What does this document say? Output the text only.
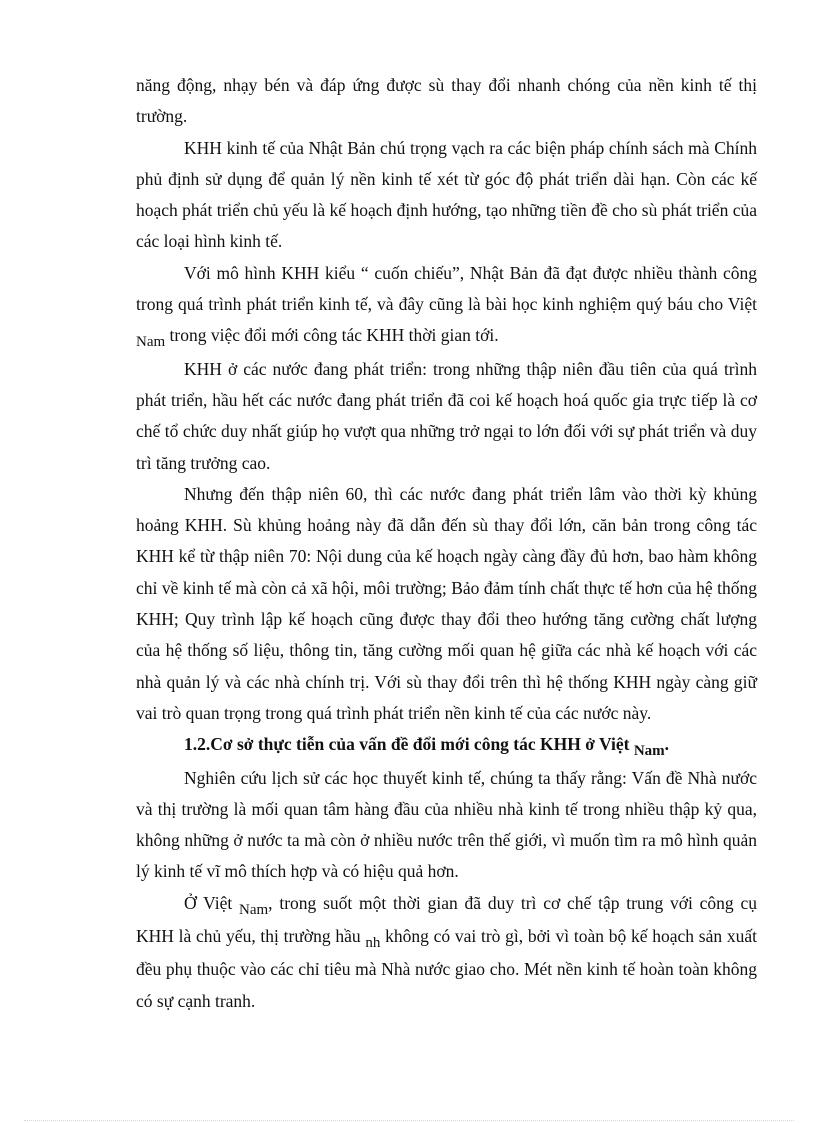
năng động, nhạy bén và đáp ứng được sù thay đổi nhanh chóng của nền kinh tế thị trường.

KHH kinh tế của Nhật Bản chú trọng vạch ra các biện pháp chính sách mà Chính phủ định sử dụng để quản lý nền kinh tế xét từ góc độ phát triển dài hạn. Còn các kế hoạch phát triển chủ yếu là kế hoạch định hướng, tạo những tiền đề cho sù phát triển của các loại hình kinh tế.

Với mô hình KHH kiểu “ cuốn chiếu”, Nhật Bản đã đạt được nhiều thành công trong quá trình phát triển kinh tế, và đây cũng là bài học kinh nghiệm quý báu cho Việt Nam trong việc đổi mới công tác KHH thời gian tới.

KHH ở các nước đang phát triển: trong những thập niên đầu tiên của quá trình phát triển, hầu hết các nước đang phát triển đã coi kế hoạch hoá quốc gia trực tiếp là cơ chế tổ chức duy nhất giúp họ vượt qua những trở ngại to lớn đối với sự phát triển và duy trì tăng trưởng cao.

Nhưng đến thập niên 60, thì các nước đang phát triển lâm vào thời kỳ khủng hoảng KHH. Sù khủng hoảng này đã dẫn đến sù thay đổi lớn, căn bản trong công tác KHH kể từ thập niên 70: Nội dung của kế hoạch ngày càng đầy đủ hơn, bao hàm không chỉ về kinh tế mà còn cả xã hội, môi trường; Bảo đảm tính chất thực tế hơn của hệ thống KHH; Quy trình lập kế hoạch cũng được thay đổi theo hướng tăng cường chất lượng của hệ thống số liệu, thông tin, tăng cường mối quan hệ giữa các nhà kế hoạch với các nhà quản lý và các nhà chính trị. Với sù thay đổi trên thì hệ thống KHH ngày càng giữ vai trò quan trọng trong quá trình phát triển nền kinh tế của các nước này.

1.2.Cơ sở thực tiễn của vấn đề đổi mới công tác KHH ở Việt Nam.

Nghiên cứu lịch sử các học thuyết kinh tế, chúng ta thấy rằng: Vấn đề Nhà nước và thị trường là mối quan tâm hàng đầu của nhiều nhà kinh tế trong nhiều thập kỷ qua, không những ở nước ta mà còn ở nhiều nước trên thế giới, vì muốn tìm ra mô hình quản lý kinh tế vĩ mô thích hợp và có hiệu quả hơn.

Ở Việt Nam, trong suốt một thời gian đã duy trì cơ chế tập trung với công cụ KHH là chủ yếu, thị trường hầu nh không có vai trò gì, bởi vì toàn bộ kế hoạch sản xuất đều phụ thuộc vào các chỉ tiêu mà Nhà nước giao cho. Mét nền kinh tế hoàn toàn không có sự cạnh tranh.
